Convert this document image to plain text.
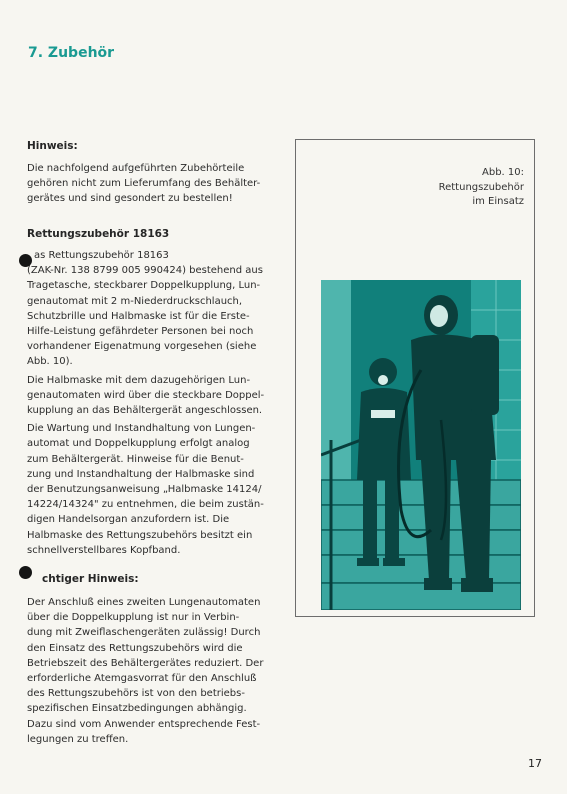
7. Zubehör
Hinweis:

Die nachfolgend aufgeführten Zubehörteile
gehören nicht zum Lieferumfang des Behälter-
gerätes und sind gesondert zu bestellen!

Rettungszubehör 18163

as Rettungszubehör 18163
(ZAK-Nr. 138 8799 005 990424) bestehend aus
Tragetasche, steckbarer Doppelkupplung, Lun-
genautomat mit 2 m-Niederdruckschlauch,
Schutzbrille und Halbmaske ist für die Erste-
Hilfe-Leistung gefährdeter Personen bei noch
vorhandener Eigenatmung vorgesehen (siehe
Abb. 10).

Die Halbmaske mit dem dazugehörigen Lun-
genautomaten wird über die steckbare Doppel-
kupplung an das Behältergerät angeschlossen.

Die Wartung und Instandhaltung von Lungen-
automat und Doppelkupplung erfolgt analog
zum Behältergerät. Hinweise für die Benut-
zung und Instandhaltung der Halbmaske sind
der Benutzungsanweisung „Halbmaske 14124/
14224/14324" zu entnehmen, die beim zustän-
digen Handelsorgan anzufordern ist. Die
Halbmaske des Rettungszubehörs besitzt ein
schnellverstellbares Kopfband.

chtiger Hinweis:

Der Anschluß eines zweiten Lungenautomaten
über die Doppelkupplung ist nur in Verbin-
dung mit Zweiflaschengeräten zulässig! Durch
den Einsatz des Rettungszubehörs wird die
Betriebszeit des Behältergerätes reduziert. Der
erforderliche Atemgasvorrat für den Anschluß
des Rettungszubehörs ist von den betriebs-
spezifischen Einsatzbedingungen abhängig.
Dazu sind vom Anwender entsprechende Fest-
legungen zu treffen.

Abb. 10:
Rettungszubehör
im Einsatz
17
